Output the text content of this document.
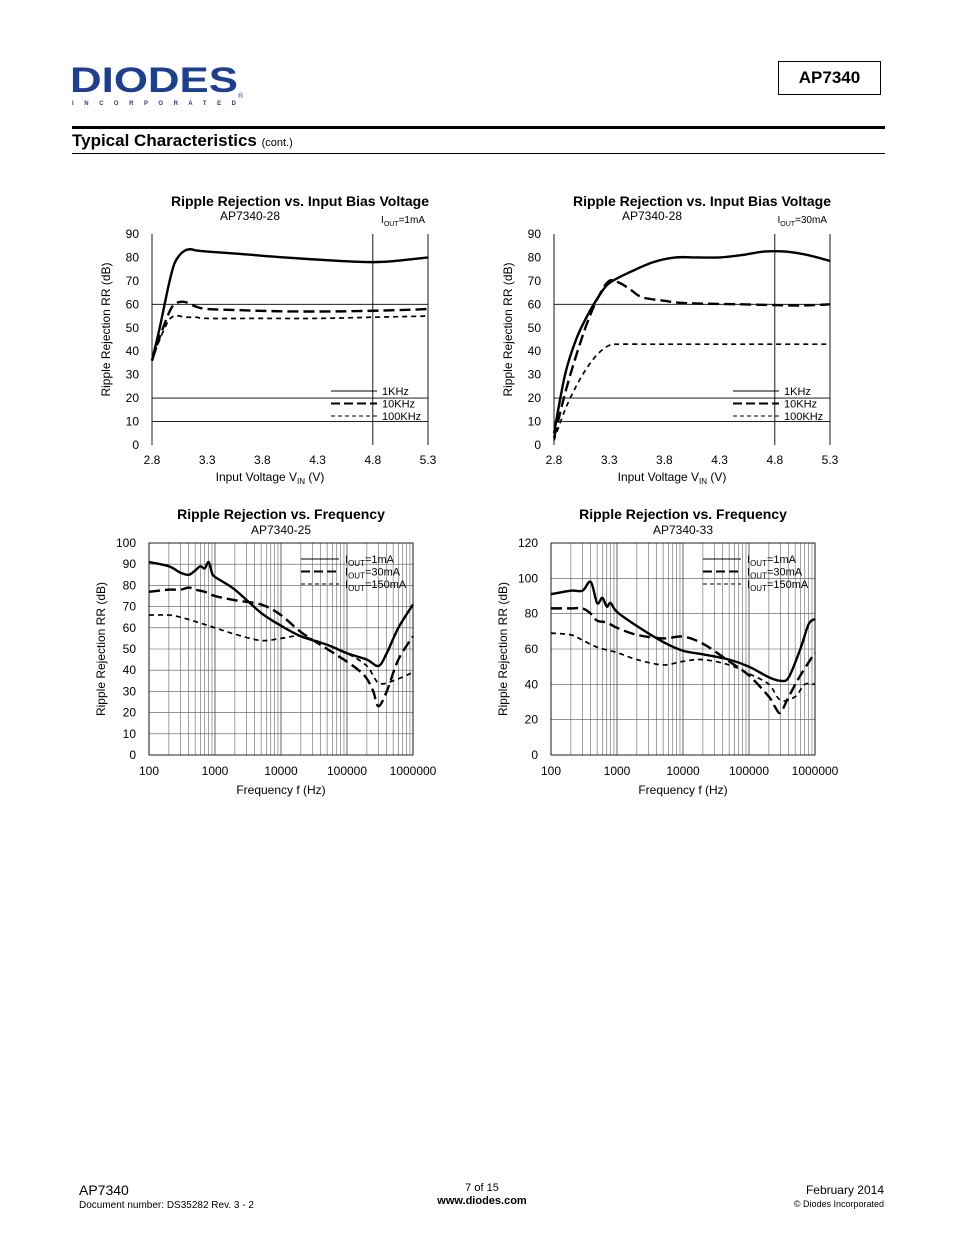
DIODES ®
I N C O R P O R A T E D
AP7340
Typical Characteristics (cont.)
Ripple Rejection vs. Input Bias Voltage
AP7340-28	$I_{OUT}=1mA$
0
10
20
30
40
50
60
70
80
90
2.8	3.3	3.8	4.3	4.8	5.3
Input Voltage $V_{IN}$ (V)
Ripple Rejection RR (dB)	1KHz
10KHz
100KHz
Ripple Rejection vs. Input Bias Voltage
AP7340-28	$I_{OUT}=30mA$
0
10
20
30
40
50
60
70
80
90
2.8	3.3	3.8	4.3	4.8	5.3
Input Voltage $V_{IN}$ (V)
Ripple Rejection RR (dB)	1KHz
10KHz
100KHz
Ripple Rejection vs. Frequency
AP7340-25
0
10
20
30
40
50
60
70
80
90
100
100	1000	10000 100000 1000000
Frequency f (Hz)
Ripple Rejection RR (dB)
$I_{OUT}=1mA$
$I_{OUT}=30mA$
$I_{OUT}=150mA$
Ripple Rejection vs. Frequency
AP7340-33
0
20
40
60
80
100
120
100	1000	10000 100000 1000000
Frequency f (Hz)
Ripple Rejection RR (dB)
$I_{OUT}=1mA$
$I_{OUT}=30mA$
$I_{OUT}=150mA$
AP7340
Document number: DS35282 Rev. 3 - 2
7 of 15
www.diodes.com
February 2014
© Diodes Incorporated
